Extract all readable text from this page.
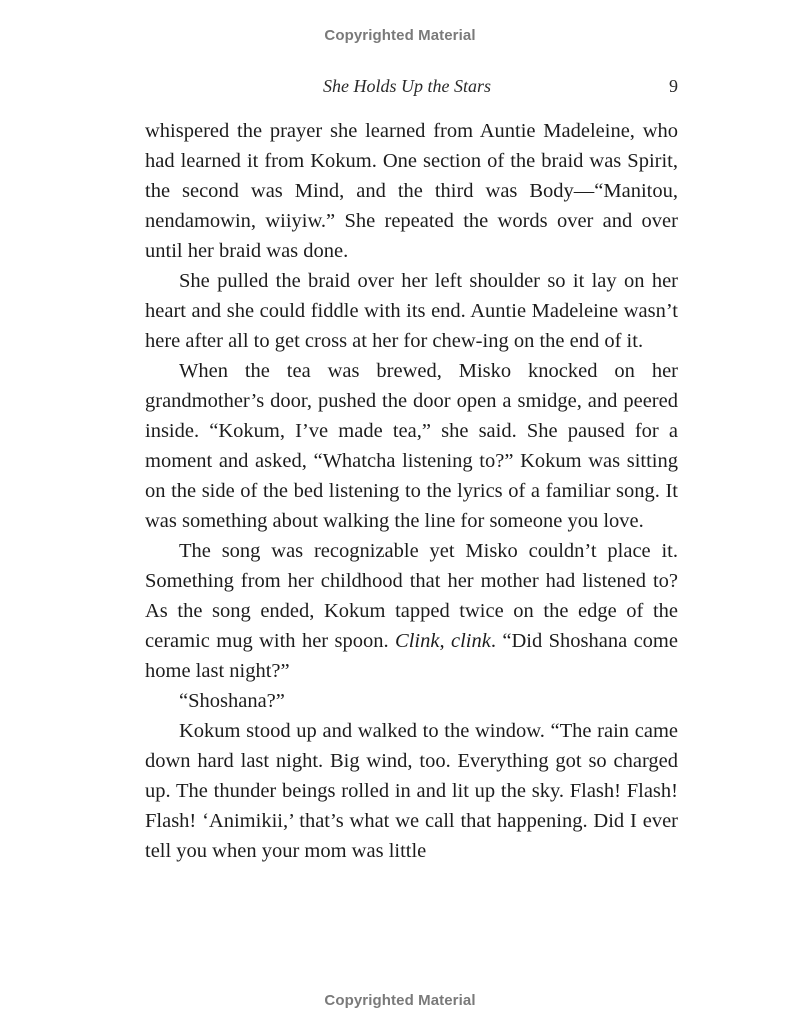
Copyrighted Material
She Holds Up the Stars	9

whispered the prayer she learned from Auntie Madeleine, who had learned it from Kokum. One section of the braid was Spirit, the second was Mind, and the third was Body—“Manitou, nendamowin, wiiyiw.” She repeated the words over and over until her braid was done.

She pulled the braid over her left shoulder so it lay on her heart and she could fiddle with its end. Auntie Madeleine wasn’t here after all to get cross at her for chew-ing on the end of it.

When the tea was brewed, Misko knocked on her grandmother’s door, pushed the door open a smidge, and peered inside. “Kokum, I’ve made tea,” she said. She paused for a moment and asked, “Whatcha listening to?” Kokum was sitting on the side of the bed listening to the lyrics of a familiar song. It was something about walking the line for someone you love.

The song was recognizable yet Misko couldn’t place it. Something from her childhood that her mother had listened to? As the song ended, Kokum tapped twice on the edge of the ceramic mug with her spoon. Clink, clink. “Did Shoshana come home last night?”

“Shoshana?”

Kokum stood up and walked to the window. “The rain came down hard last night. Big wind, too. Everything got so charged up. The thunder beings rolled in and lit up the sky. Flash! Flash! Flash! ‘Animikii,’ that’s what we call that happening. Did I ever tell you when your mom was little

Copyrighted Material
